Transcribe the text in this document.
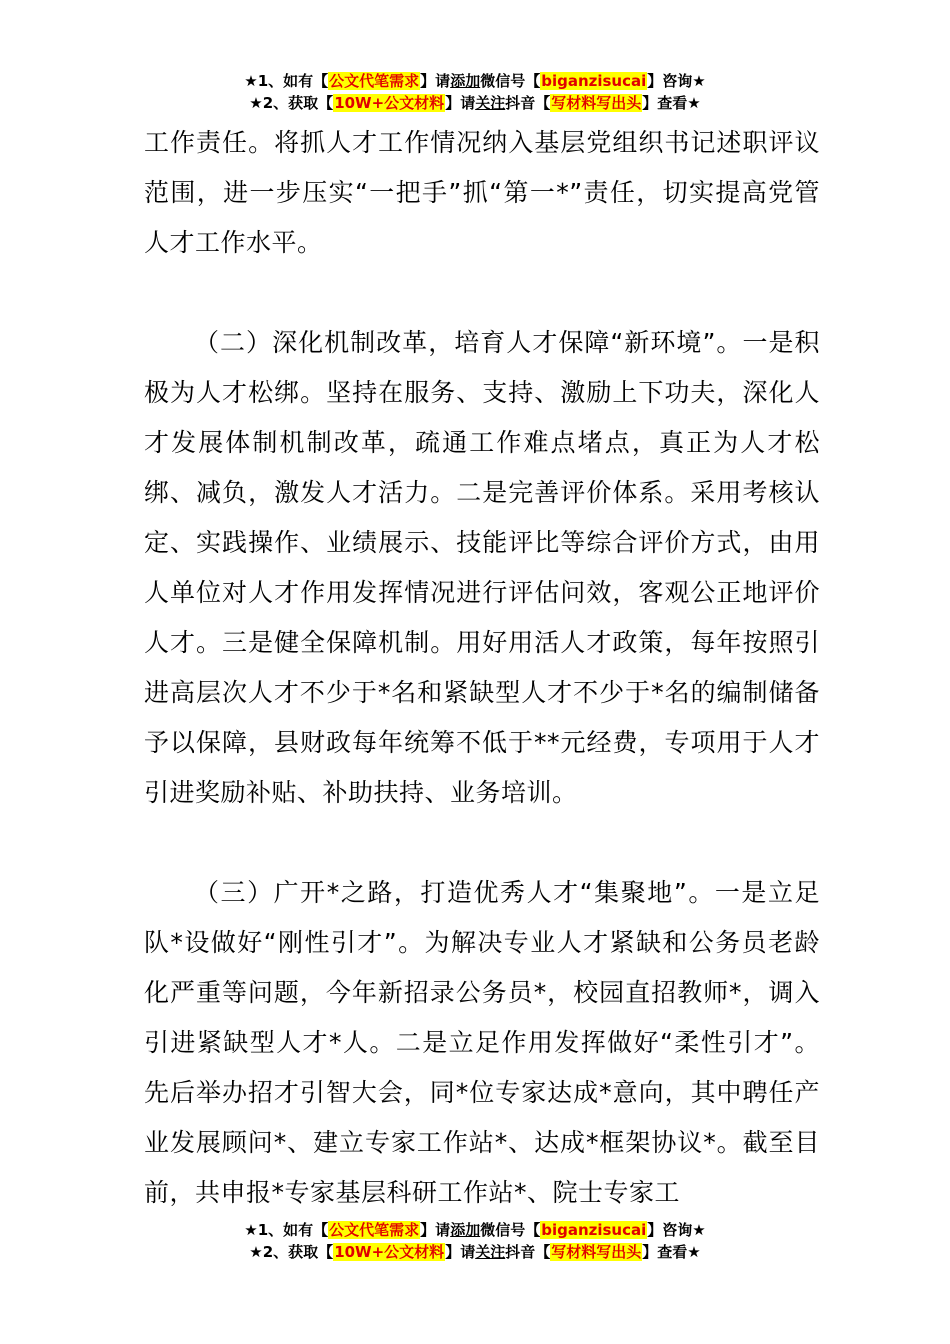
★1、如有【公文代笔需求】请添加微信号【biganzisucai】咨询★
★2、获取【10W+公文材料】请关注抖音【写材料写出头】查看★

工作责任。将抓人才工作情况纳入基层党组织书记述职评议范围，进一步压实“一把手”抓“第一*”责任，切实提高党管人才工作水平。

（二）深化机制改革，培育人才保障“新环境”。一是积极为人才松绑。坚持在服务、支持、激励上下功夫，深化人才发展体制机制改革，疏通工作难点堵点，真正为人才松绑、减负，激发人才活力。二是完善评价体系。采用考核认定、实践操作、业绩展示、技能评比等综合评价方式，由用人单位对人才作用发挥情况进行评估问效，客观公正地评价人才。三是健全保障机制。用好用活人才政策，每年按照引进高层次人才不少于*名和紧缺型人才不少于*名的编制储备予以保障，县财政每年统筹不低于**元经费，专项用于人才引进奖励补贴、补助扶持、业务培训。

（三）广开*之路，打造优秀人才“集聚地”。一是立足队*设做好“刚性引才”。为解决专业人才紧缺和公务员老龄化严重等问题，今年新招录公务员*，校园直招教师*，调入引进紧缺型人才*人。二是立足作用发挥做好“柔性引才”。先后举办招才引智大会，同*位专家达成*意向，其中聘任产业发展顾问*、建立专家工作站*、达成*框架协议*。截至目前，共申报*专家基层科研工作站*、院士专家工

★1、如有【公文代笔需求】请添加微信号【biganzisucai】咨询★
★2、获取【10W+公文材料】请关注抖音【写材料写出头】查看★
